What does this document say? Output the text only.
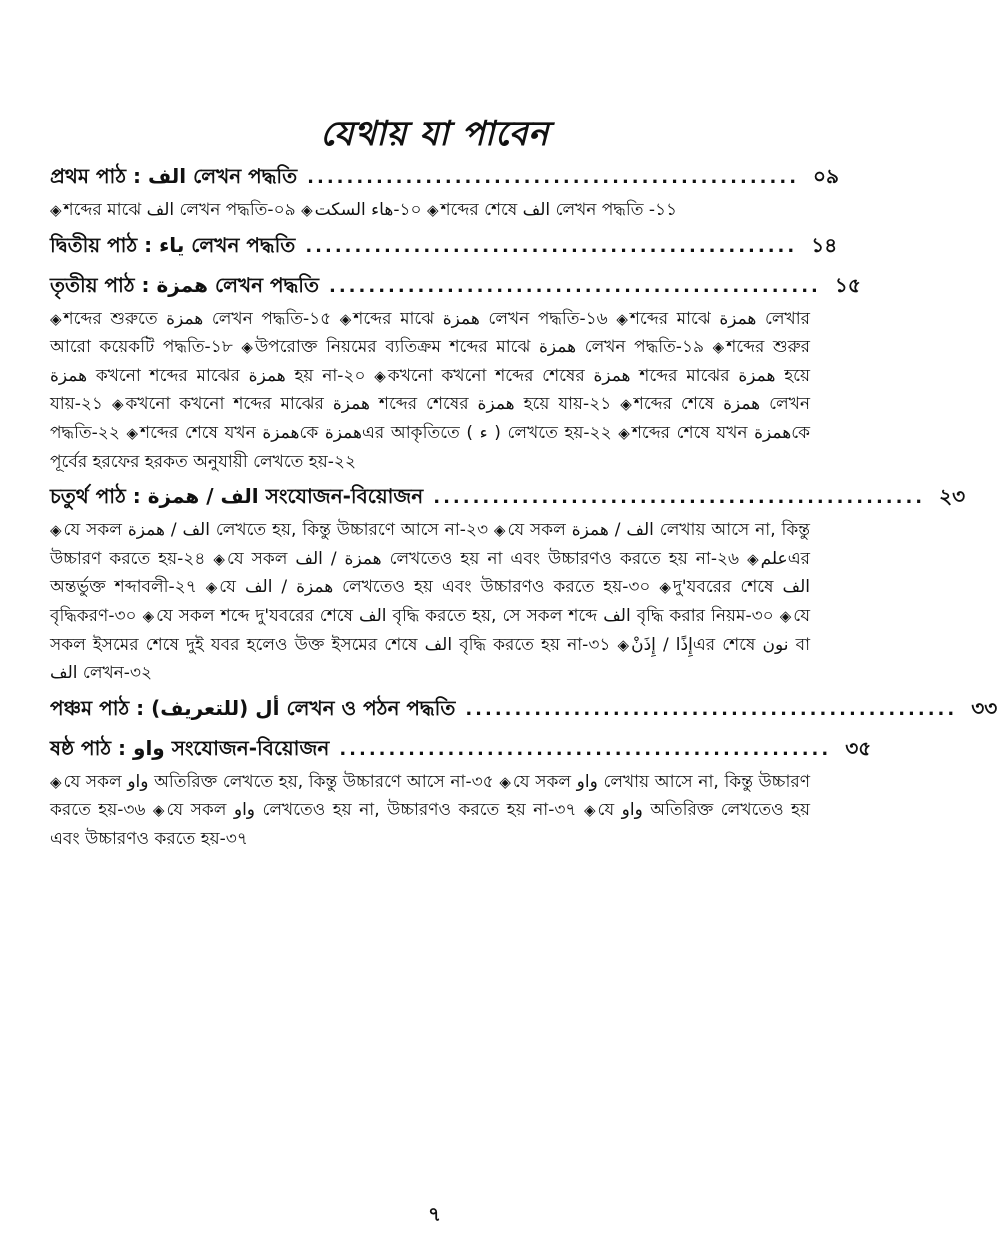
যেথায় যা পাবেন
প্রথম পাঠ : الف লেখন পদ্ধতি .................................................. ০৯
◈ শব্দের মাঝে الف লেখন পদ্ধতি-০৯ ◈ هاء السكت-১০ ◈ শব্দের শেষে الف লেখন পদ্ধতি -১১
দ্বিতীয় পাঠ : ياء লেখন পদ্ধতি .................................................. ১৪
তৃতীয় পাঠ : همزة লেখন পদ্ধতি .................................................. ১৫
◈ শব্দের শুরুতে همزة লেখন পদ্ধতি-১৫ ◈ শব্দের মাঝে همزة লেখন পদ্ধতি-১৬ ◈ শব্দের মাঝে همزة লেখার আরো কয়েকটি পদ্ধতি-১৮ ◈ উপরোক্ত নিয়মের ব্যতিক্রম শব্দের মাঝে همزة লেখন পদ্ধতি-১৯ ◈ শব্দের শুরুর همزة কখনো শব্দের মাঝের همزة হয় না-২০ ◈ কখনো কখনো শব্দের শেষের همزة শব্দের মাঝের همزة হয়ে যায়-২১ ◈ কখনো কখনো শব্দের মাঝের همزة শব্দের শেষের همزة হয়ে যায়-২১ ◈ শব্দের শেষে همزة লেখন পদ্ধতি-২২ ◈ শব্দের শেষে যখন همزةকে همزةএর আকৃতিতে ( ء ) লেখতে হয়-২২ ◈ শব্দের শেষে যখন همزةকে পূর্বের হরফের হরকত অনুযায়ী লেখতে হয়-২২
চতুর্থ পাঠ : الف / همزة সংযোজন-বিয়োজন .................................................. ২৩
◈ যে সকল الف / همزة লেখতে হয়, কিন্তু উচ্চারণে আসে না-২৩ ◈ যে সকল الف / همزة লেখায় আসে না, কিন্তু উচ্চারণ করতে হয়-২৪ ◈ যে সকল همزة / الف লেখতেও হয় না এবং উচ্চারণও করতে হয় না-২৬ ◈ علمএর অন্তর্ভুক্ত শব্দাবলী-২৭ ◈ যে همزة / الف লেখতেও হয় এবং উচ্চারণও করতে হয়-৩০ ◈ দু'যবরের শেষে الف বৃদ্ধিকরণ-৩০ ◈ যে সকল শব্দে দু'যবরের শেষে الف বৃদ্ধি করতে হয়, সে সকল শব্দে الف বৃদ্ধি করার নিয়ম-৩০ ◈ যে সকল ইসমের শেষে দুই যবর হলেও উক্ত ইসমের শেষে الف বৃদ্ধি করতে হয় না-৩১ ◈ إِذًا / إِذَنْএর শেষে نون বা الف লেখন-৩২
পঞ্চম পাঠ : أل (للتعريف) লেখন ও পঠন পদ্ধতি .................................................. ৩৩
ষষ্ঠ পাঠ : واو সংযোজন-বিয়োজন .................................................. ৩৫
◈ যে সকল واو অতিরিক্ত লেখতে হয়, কিন্তু উচ্চারণে আসে না-৩৫ ◈ যে সকল واو লেখায় আসে না, কিন্তু উচ্চারণ করতে হয়-৩৬ ◈ যে সকল واو লেখতেও হয় না, উচ্চারণও করতে হয় না-৩৭ ◈ যে واو অতিরিক্ত লেখতেও হয় এবং উচ্চারণও করতে হয়-৩৭
৭
